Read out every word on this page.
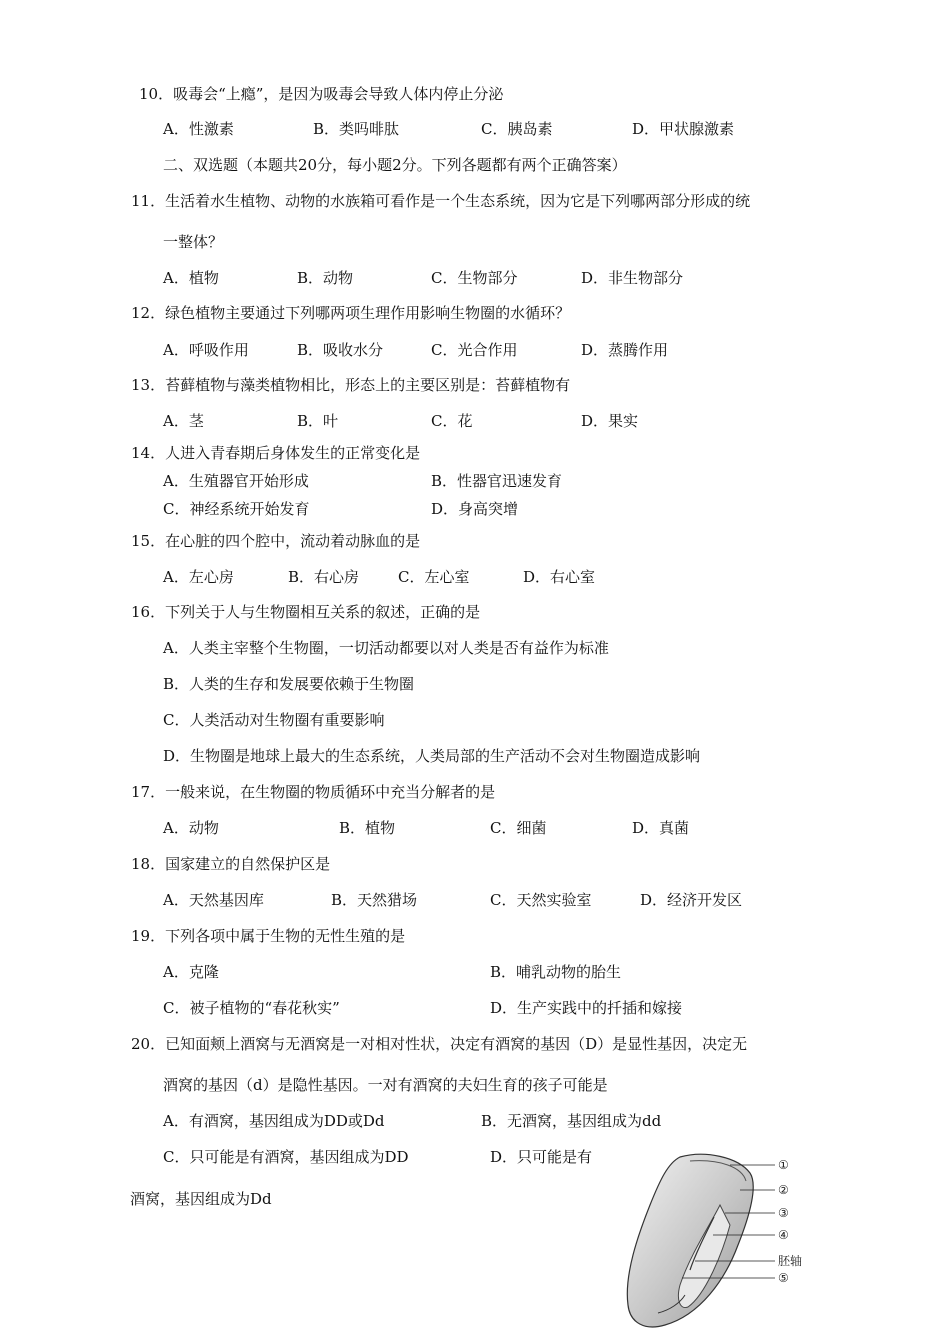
10．吸毒会“上瘾”，是因为吸毒会导致人体内停止分泌
A．性激素	B．类吗啡肽	C．胰岛素	D．甲状腺激素
二、双选题（本题共20分，每小题2分。下列各题都有两个正确答案）
11．生活着水生植物、动物的水族箱可看作是一个生态系统，因为它是下列哪两部分形成的统
一整体？
A．植物	B．动物	C．生物部分	D．非生物部分
12．绿色植物主要通过下列哪两项生理作用影响生物圈的水循环？
A．呼吸作用	B．吸收水分	C．光合作用	D．蒸腾作用
13．苔藓植物与藻类植物相比，形态上的主要区别是：苔藓植物有
A．茎	B．叶	C．花	D．果实
14．人进入青春期后身体发生的正常变化是
A．生殖器官开始形成	B．性器官迅速发育
C．神经系统开始发育	D．身高突增
15．在心脏的四个腔中，流动着动脉血的是
A．左心房	B．右心房	C．左心室	D．右心室
16．下列关于人与生物圈相互关系的叙述，正确的是
A．人类主宰整个生物圈，一切活动都要以对人类是否有益作为标准
B．人类的生存和发展要依赖于生物圈
C．人类活动对生物圈有重要影响
D．生物圈是地球上最大的生态系统，人类局部的生产活动不会对生物圈造成影响
17．一般来说，在生物圈的物质循环中充当分解者的是
A．动物	B．植物	C．细菌	D．真菌
18．国家建立的自然保护区是
A．天然基因库	B．天然猎场	C．天然实验室	D．经济开发区
19．下列各项中属于生物的无性生殖的是
A．克隆	B．哺乳动物的胎生
C．被子植物的“春花秋实”	D．生产实践中的扦插和嫁接
20．已知面颊上酒窝与无酒窝是一对相对性状，决定有酒窝的基因（D）是显性基因，决定无
酒窝的基因（d）是隐性基因。一对有酒窝的夫妇生育的孩子可能是
A．有酒窝，基因组成为DD或Dd	B．无酒窝，基因组成为dd
C．只可能是有酒窝，基因组成为DD	D．只可能是有
酒窝，基因组成为Dd
①
②
③
④
胚轴
⑤
